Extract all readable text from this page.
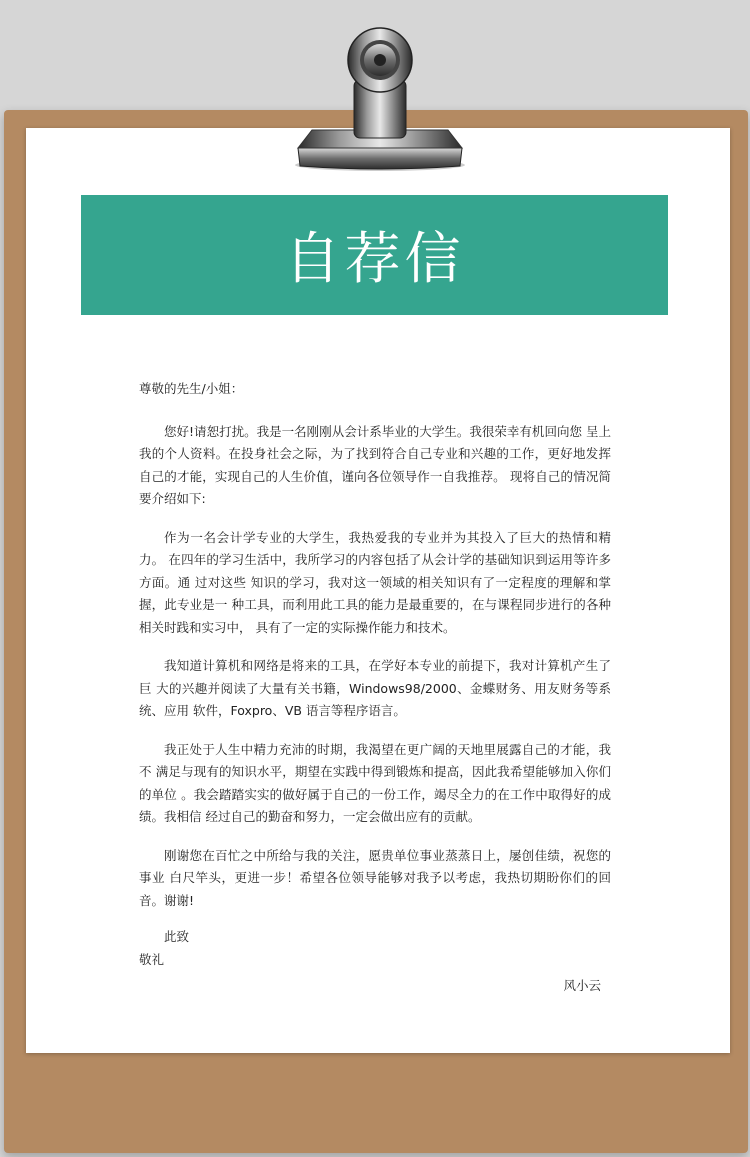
自荐信

尊敬的先生/小姐：

您好!请恕打扰。我是一名刚刚从会计系毕业的大学生。我很荣幸有机回向您 呈上我的个人资料。在投身社会之际，为了找到符合自己专业和兴趣的工作，更好地发挥 自己的才能，实现自己的人生价值，谨向各位领导作一自我推荐。 现将自己的情况简要介绍如下:

作为一名会计学专业的大学生，我热爱我的专业并为其投入了巨大的热情和精力。 在四年的学习生活中，我所学习的内容包括了从会计学的基础知识到运用等许多方面。通 过对这些 知识的学习，我对这一领域的相关知识有了一定程度的理解和掌握，此专业是一 种工具，而利用此工具的能力是最重要的，在与课程同步进行的各种相关时践和实习中， 具有了一定的实际操作能力和技术。

我知道计算机和网络是将来的工具，在学好本专业的前提下，我对计算机产生了巨 大的兴趣并阅读了大量有关书籍，Windows98/2000、金蝶财务、用友财务等系统、应用 软件，Foxpro、VB 语言等程序语言。

我正处于人生中精力充沛的时期，我渴望在更广阔的天地里展露自己的才能，我不 满足与现有的知识水平，期望在实践中得到锻炼和提高，因此我希望能够加入你们的单位 。我会踏踏实实的做好属于自己的一份工作，竭尽全力的在工作中取得好的成绩。我相信 经过自己的勤奋和努力，一定会做出应有的贡献。

刚谢您在百忙之中所给与我的关注，愿贵单位事业蒸蒸日上，屡创佳绩，祝您的事业 白尺竿头，更进一步！希望各位领导能够对我予以考虑，我热切期盼你们的回音。谢谢!

此致

敬礼

风小云
